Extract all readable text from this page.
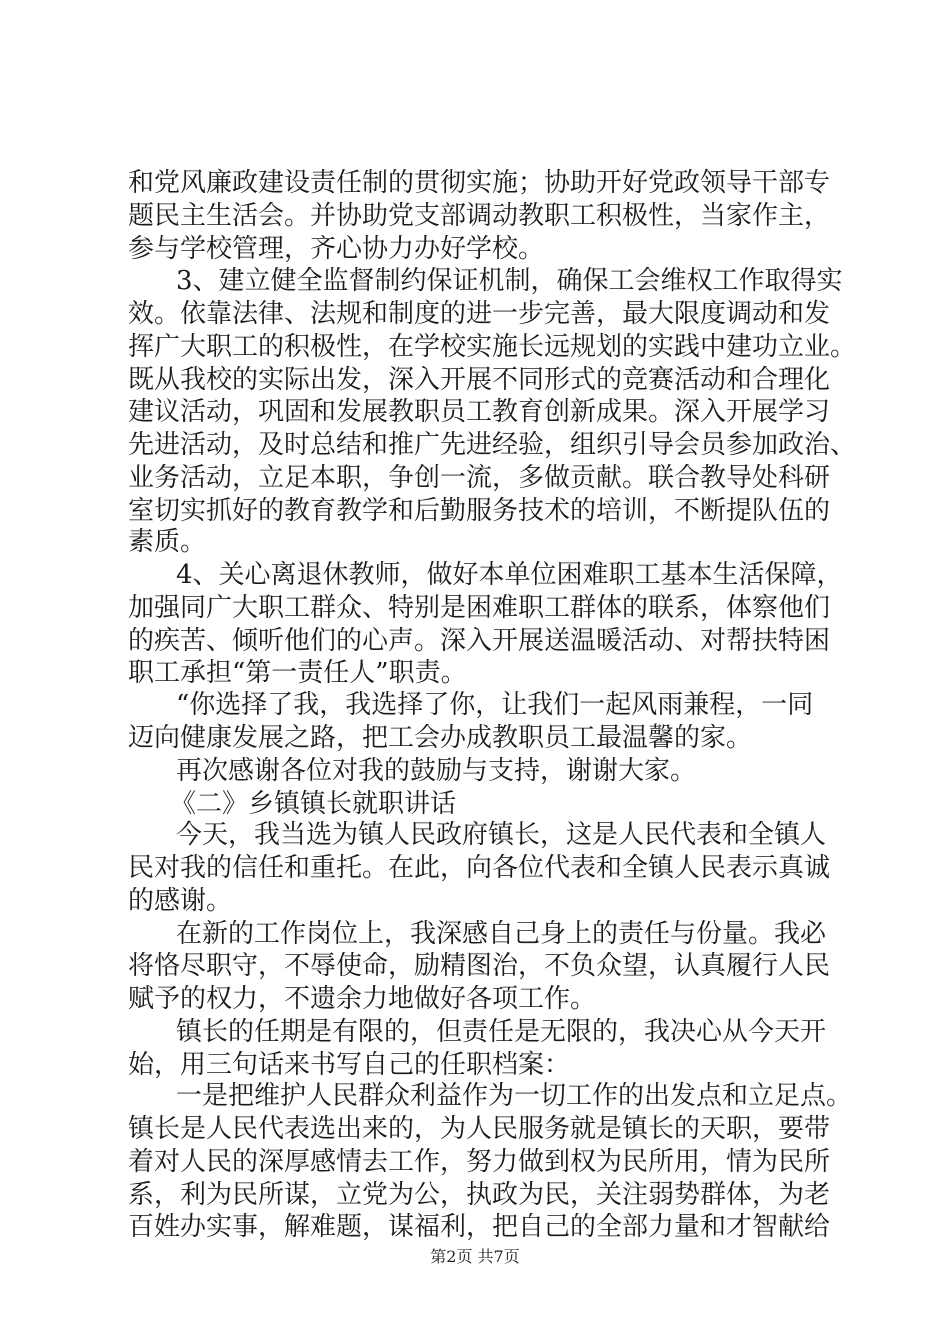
和党风廉政建设责任制的贯彻实施；协助开好党政领导干部专
题民主生活会。并协助党支部调动教职工积极性，当家作主，
参与学校管理，齐心协力办好学校。
3、建立健全监督制约保证机制，确保工会维权工作取得实
效。依靠法律、法规和制度的进一步完善，最大限度调动和发
挥广大职工的积极性，在学校实施长远规划的实践中建功立业。
既从我校的实际出发，深入开展不同形式的竞赛活动和合理化
建议活动，巩固和发展教职员工教育创新成果。深入开展学习
先进活动，及时总结和推广先进经验，组织引导会员参加政治、
业务活动，立足本职，争创一流，多做贡献。联合教导处科研
室切实抓好的教育教学和后勤服务技术的培训，不断提队伍的
素质。
4、关心离退休教师，做好本单位困难职工基本生活保障，
加强同广大职工群众、特别是困难职工群体的联系，体察他们
的疾苦、倾听他们的心声。深入开展送温暖活动、对帮扶特困
职工承担“第一责任人”职责。
“你选择了我，我选择了你，让我们一起风雨兼程，一同
迈向健康发展之路，把工会办成教职员工最温馨的家。
再次感谢各位对我的鼓励与支持，谢谢大家。
《二》乡镇镇长就职讲话
今天，我当选为镇人民政府镇长，这是人民代表和全镇人
民对我的信任和重托。在此，向各位代表和全镇人民表示真诚
的感谢。
在新的工作岗位上，我深感自己身上的责任与份量。我必
将恪尽职守，不辱使命，励精图治，不负众望，认真履行人民
赋予的权力，不遗余力地做好各项工作。
镇长的任期是有限的，但责任是无限的，我决心从今天开
始，用三句话来书写自己的任职档案：
一是把维护人民群众利益作为一切工作的出发点和立足点。
镇长是人民代表选出来的，为人民服务就是镇长的天职，要带
着对人民的深厚感情去工作，努力做到权为民所用，情为民所
系，利为民所谋，立党为公，执政为民，关注弱势群体，为老
百姓办实事，解难题，谋福利，把自己的全部力量和才智献给
第2页 共7页
